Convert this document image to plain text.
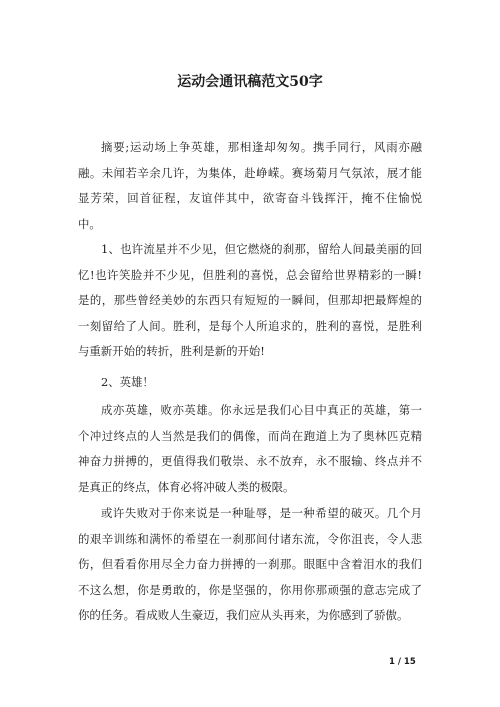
运动会通讯稿范文50字
摘要;运动场上争英雄，那相逢却匆匆。携手同行，风雨亦融
融。未闻若辛余几许，为集体，赴峥嵘。赛场菊月气氛浓，展才能
显芳荣，回首征程，友谊伴其中，欲寄奋斗钱挥汗，掩不住愉悦
中。
1、也许流星并不少见，但它燃烧的刹那，留给人间最美丽的回
忆!也许笑脸并不少见，但胜利的喜悦，总会留给世界精彩的一瞬!
是的，那些曾经美妙的东西只有短短的一瞬间，但那却把最辉煌的
一刻留给了人间。胜利，是每个人所追求的，胜利的喜悦，是胜利
与重新开始的转折，胜利是新的开始!
2、英雄！
成亦英雄，败亦英雄。你永远是我们心目中真正的英雄，第一
个冲过终点的人当然是我们的偶像，而尚在跑道上为了奥林匹克精
神奋力拼搏的，更值得我们敬崇、永不放弃，永不服输、终点并不
是真正的终点，体育必将冲破人类的极限。
或许失败对于你来说是一种耻辱，是一种希望的破灭。几个月
的艰辛训练和满怀的希望在一刹那间付诸东流，令你沮丧，令人悲
伤，但看看你用尽全力奋力拼搏的一刹那。眼眶中含着泪水的我们
不这么想，你是勇敢的，你是坚强的，你用你那顽强的意志完成了
你的任务。看成败人生豪迈，我们应从头再来，为你感到了骄傲。
1 / 15
